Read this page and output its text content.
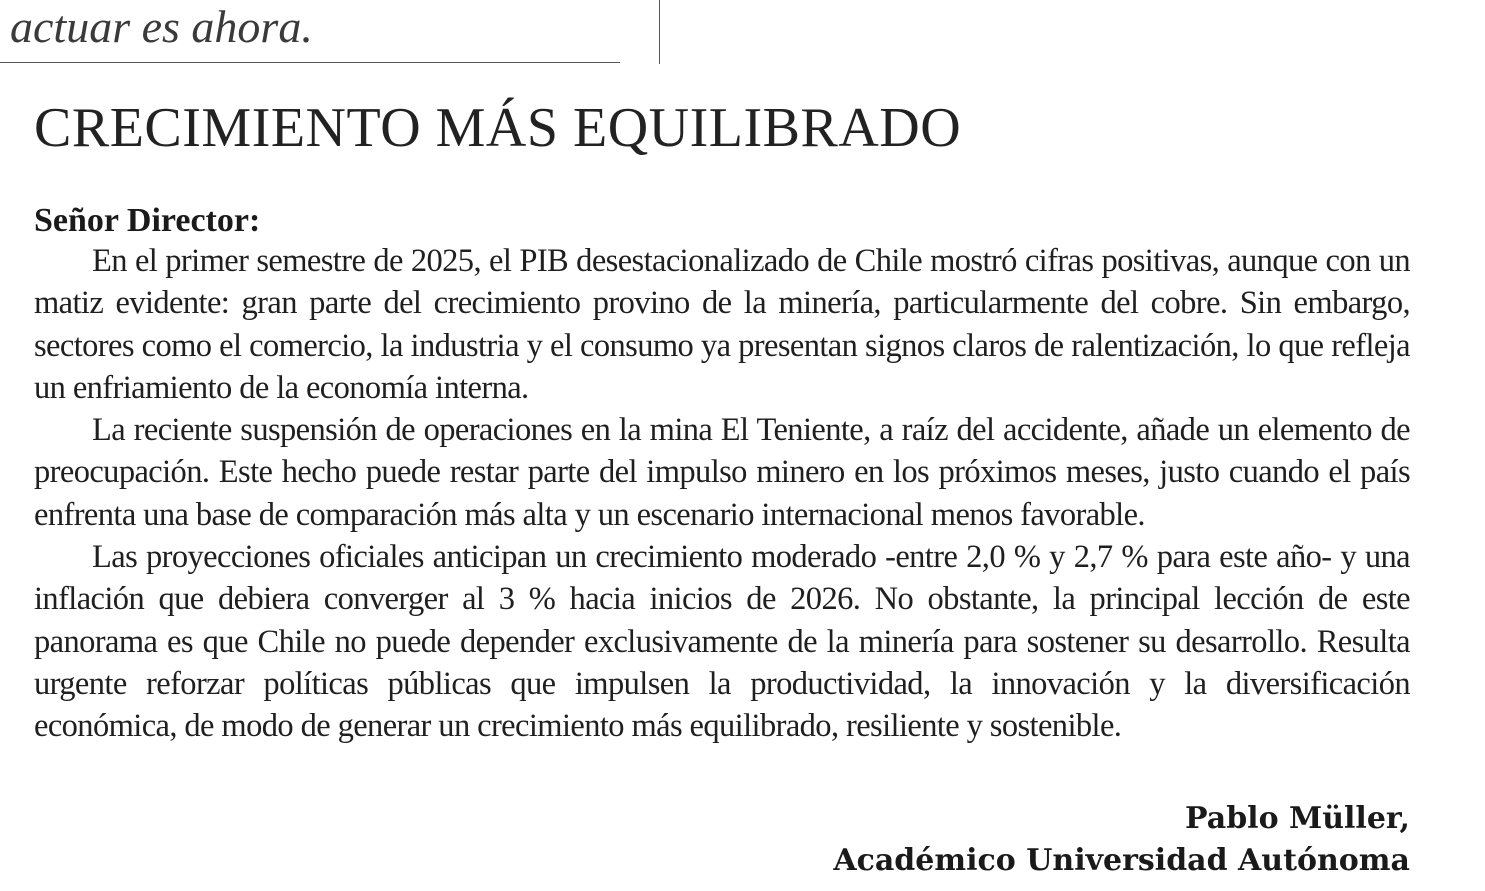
actuar es ahora.

CRECIMIENTO MÁS EQUILIBRADO

Señor Director:

En el primer semestre de 2025, el PIB desestacionalizado de Chile mostró cifras positivas, aunque con un matiz evidente: gran parte del crecimiento provino de la minería, particularmente del cobre. Sin embargo, sectores como el comercio, la industria y el consumo ya presentan signos claros de ralentización, lo que refleja un enfriamiento de la economía interna.

La reciente suspensión de operaciones en la mina El Teniente, a raíz del accidente, añade un elemento de preocupación. Este hecho puede restar parte del impulso minero en los próximos meses, justo cuando el país enfrenta una base de comparación más alta y un escenario internacional menos favorable.

Las proyecciones oficiales anticipan un crecimiento moderado -entre 2,0 % y 2,7 % para este año- y una inflación que debiera converger al 3 % hacia inicios de 2026. No obstante, la principal lección de este panorama es que Chile no puede depender exclusivamente de la minería para sostener su desarrollo. Resulta urgente reforzar políticas públicas que impulsen la productividad, la innovación y la diversificación económica, de modo de generar un crecimiento más equilibrado, resiliente y sostenible.

Pablo Müller,
Académico Universidad Autónoma
